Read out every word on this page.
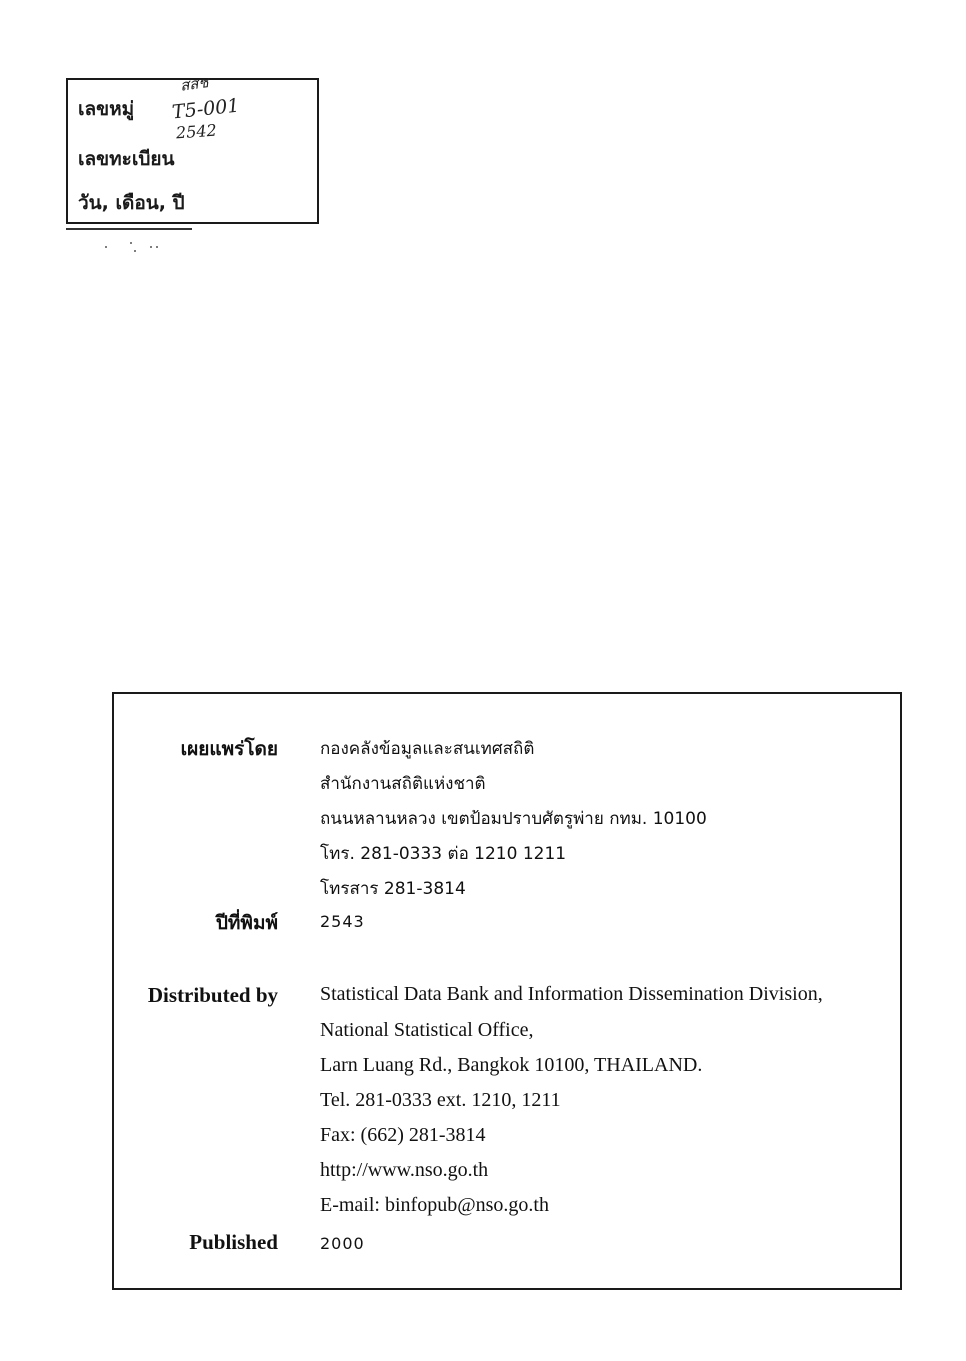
เลขหมู่
เลขทะเบียน
วัน, เดือน, ปี
สสช
T5-001
2542
เผยแพร่โดย กองคลังข้อมูลและสนเทศสถิติ
สำนักงานสถิติแห่งชาติ
ถนนหลานหลวง เขตป้อมปราบศัตรูพ่าย กทม. 10100
โทร. 281-0333 ต่อ 1210 1211
โทรสาร 281-3814
ปีที่พิมพ์	2543
Distributed by Statistical Data Bank and Information Dissemination Division,
National Statistical Office,
Larn Luang Rd., Bangkok 10100, THAILAND.
Tel. 281-0333 ext. 1210, 1211
Fax: (662) 281-3814
http://www.nso.go.th
E-mail: binfopub@nso.go.th
Published	2000
